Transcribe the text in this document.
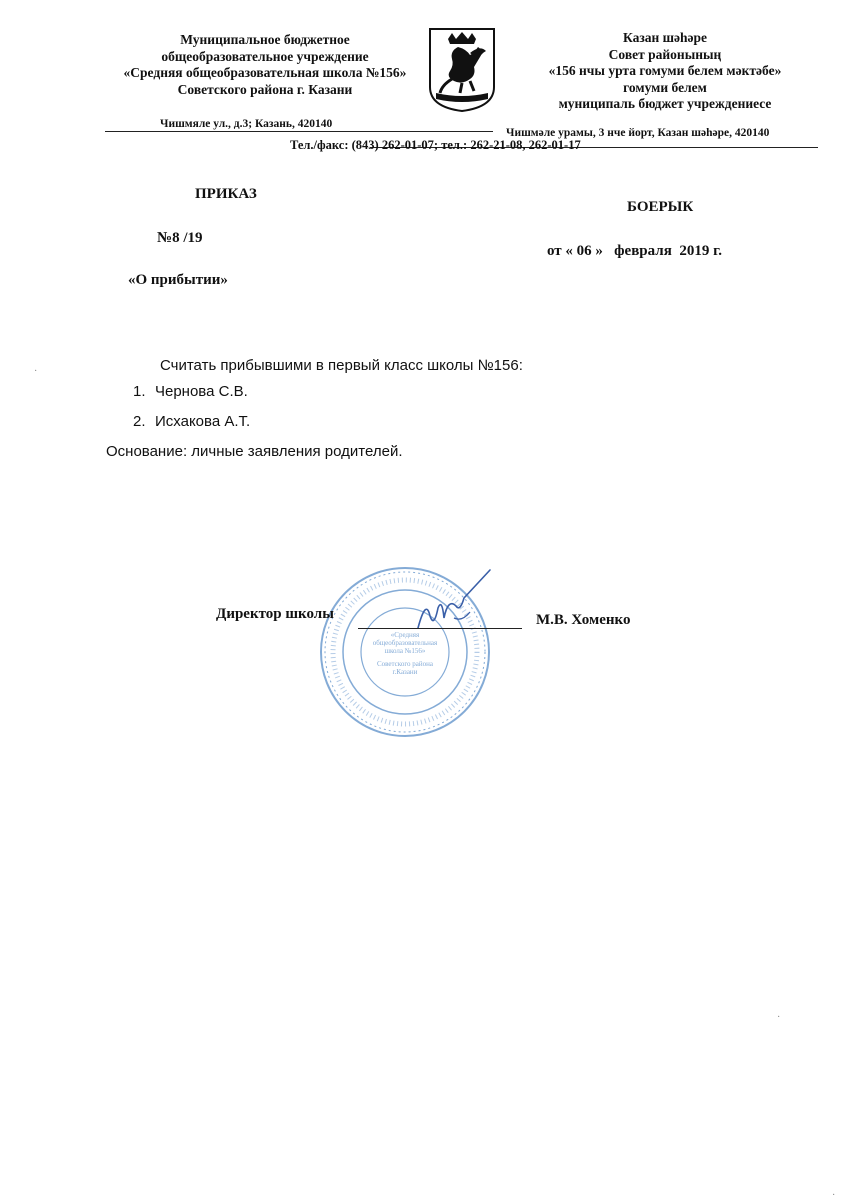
Муниципальное бюджетное
общеобразовательное учреждение
«Средняя общеобразовательная школа №156»
Советского района г. Казани
Казан шәһәре
Совет районының
«156 нчы урта гомуми белем мәктәбе»
гомуми белем
муниципаль бюджет учреждениесе
Чишмяле ул., д.3; Казань, 420140
Чишмәле урамы, 3 нче йорт, Казан шәһәре, 420140
Тел./факс: (843) 262-01-07; тел.: 262-21-08, 262-01-17
ПРИКАЗ
БОЕРЫК
№8 /19
от « 06 » февраля 2019 г.
«О прибытии»
Считать прибывшими в первый класс школы №156:
1. Чернова С.В.
2. Исхакова А.Т.
Основание: личные заявления родителей.
«Средняя
общеобразовательная
школа №156»
Советского района
г.Казани
Директор школы	М.В. Хоменко
·
·
·
